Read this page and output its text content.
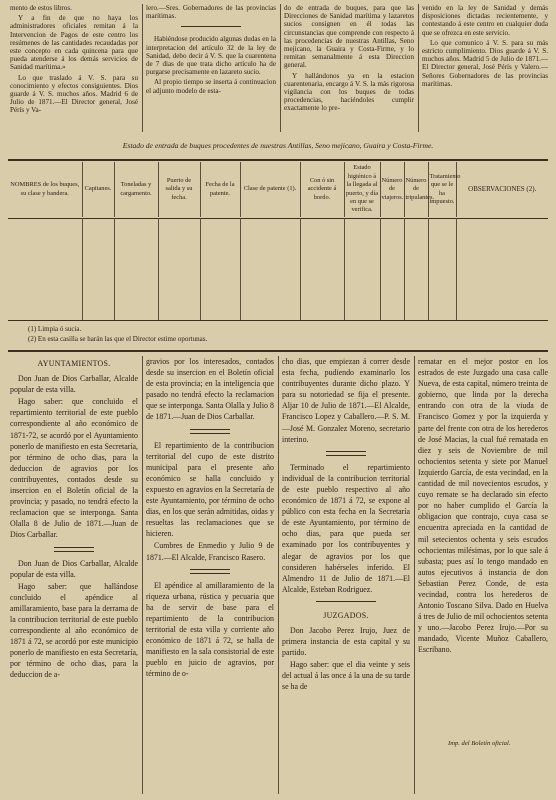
mento de estos libros.

Y a fin de que no haya los administradores oficiales remitan á la Intervencion de Pagos de este centro los resúmenes de las cantidades recaudadas por este concepto en cada quincena para que pueda atenderse á los demás servicios de Sanidad marítima.»

Lo que traslado á V. S. para su conocimiento y efectos consiguientes. Dios guarde á V. S. muchos años. Madrid 6 de Julio de 1871.—El Director general, José Pérís y Va-

lero.—Sres. Gobernadores de las provincias marítimas.

Habiéndose producido algunas dudas en la interpretacion del artículo 32 de la ley de Sanidad, debo decir á V. S. que la cuarentena de 7 dias de que trata dicho artículo ha de purgarse precisamente en lazareto sucio.

Al propio tiempo se inserta á continuacion el adjunto modelo de esta-

do de entrada de buques, para que las Direcciones de Sanidad marítima y lazaretos sucios consignen en él todas las circunstancias que comprende con respecto á las procedencias de nuestras Antillas, Seno mejicano, la Guaira y Costa-Firme, y lo remitan semanalmente á esta Direccion general.

Y hallándonos ya en la estacion cuarentenaria, encargo á V. S. la más rigorosa vigilancia con los buques de todas procedencias, haciéndoles cumplir exactamente lo pre-

venido en la ley de Sanidad y demás disposiciones dictadas recientemente, y contestando á este centro en cualquier duda que se ofrezca en este servicio.

Lo que comunico á V. S. para su más estricto cumplimiento. Dios guarde á V. S. muchos años. Madrid 5 de Julio de 1871.—El Director general, José Pérís y Valero.—Señores Gobernadores de las provincias marítimas.

Estado de entrada de buques procedentes de nuestras Antillas, Seno mejicano, Guaira y Costa-Firme.
NOMBRES de los buques, su clase y bandera.	Capitanes.	Toneladas y cargamento.	Puerto de salida y su fecha.	Fecha de la patente.	Clase de patente (1).	Con ó sin accidente á bordo.	Estado higiénico á la llegada al puerto, y día en que se verifica.	Número de viajeros.	Número de tripulantes.	Tratamiento que se le ha impuesto.	OBSERVACIONES (2).
(1) Limpia ó sucia.
(2) En esta casilla se harán las que el Director estime oportunas.

AYUNTAMIENTOS.

Don Juan de Dios Carballar, Alcalde popular de esta villa.

Hago saber: que concluido el repartimiento territorial de este pueblo correspondiente al año económico de 1871-72, se acordó por el Ayuntamiento ponerlo de manifiesto en esta Secretaría, por término de ocho dias, para la deduccion de agravios por los contribuyentes, contados desde su insercion en el Boletín oficial de la provincia; y pasado, no tendrá efecto la reclamacion que se interponga. Santa Olalla 8 de Julio de 1871.—Juan de Dios Carballar.

Don Juan de Dios Carballar, Alcalde popular de esta villa.

Hago saber: que hallándose concluido el apéndice al amillaramiento, base para la derrama de la contribucion territorial de este pueblo correspondiente al año económico de 1871 á 72, se acordó por este municipio ponerlo de manifiesto en esta Secretaría, por término de ocho dias, para la deduccion de a-

gravios por los interesados, contados desde su insercion en el Boletín oficial de esta provincia; en la inteligencia que pasado no tendrá efecto la reclamacion que se interponga. Santa Olalla y Julio 8 de 1871.—Juan de Dios Carballar.

El repartimiento de la contribucion territorial del cupo de este distrito municipal para el presente año económico se halla concluido y expuesto en agravios en la Secretaría de este Ayuntamiento, por término de ocho dias, en los que serán admitidas, oidas y resueltas las reclamaciones que se hicieren.

Cumbres de Enmedio y Julio 9 de 1871.—El Alcalde, Francisco Rasero.

El apéndice al amillaramiento de la riqueza urbana, rústica y pecuaria que ha de servir de base para el repartimiento de la contribucion territorial de esta villa y corriente año económico de 1871 á 72, se halla de manifiesto en la sala consistorial de este pueblo en juicio de agravios, por término de o-

cho dias, que empiezan á correr desde esta fecha, pudiendo examinarlo los contribuyentes durante dicho plazo. Y para su notoriedad se fija el presente. Aljar 10 de Julio de 1871.—El Alcalde, Francisco Lopez y Caballero.—P. S. M.—José M. Gonzalez Moreno, secretario interino.

Terminado el repartimiento individual de la contribucion territorial de este pueblo respectivo al año económico de 1871 á 72, se expone al público con esta fecha en la Secretaría de este Ayuntamiento, por término de ocho dias, para que pueda ser examinado por los contribuyentes y alegar de agravios por los que consideren habérseles inferido. El Almendro 11 de Julio de 1871.—El Alcalde, Esteban Rodriguez.

JUZGADOS.

Don Jacobo Perez Irujo, Juez de primera instancia de esta capital y su partido.

Hago saber: que el dia veinte y seis del actual á las once á la una de su tarde se ha de

rematar en el mejor postor en los estrados de este Juzgado una casa calle Nueva, de esta capital, número treinta de gobierno, que linda por la derecha entrando con otra de la viuda de Francisco Gomez y por la izquierda y parte del frente con otra de los herederos de José Macias, la cual fué rematada en diez y seis de Noviembre de mil ochocientos setenta y siete por Manuel Izquierdo García, de esta vecindad, en la cantidad de mil novecientos escudos, y cuyo remate se ha declarado sin efecto por no haber cumplido el García la obligacion que contrajo, cuya casa se encuentra apreciada en la cantidad de mil setecientos ochenta y seis escudos ochocientas milésimas, por lo que sale á subasta; pues así lo tengo mandado en autos ejecutivos á instancia de don Sebastian Perez Conde, de esta vecindad, contra los herederos de Antonio Toscano Silva. Dado en Huelva á tres de Julio de mil ochocientos setenta y uno.—Jacobo Perez Irujo.—Por su mandado, Vicente Muñoz Caballero, Escribano.

Imp. del Boletín oficial.
